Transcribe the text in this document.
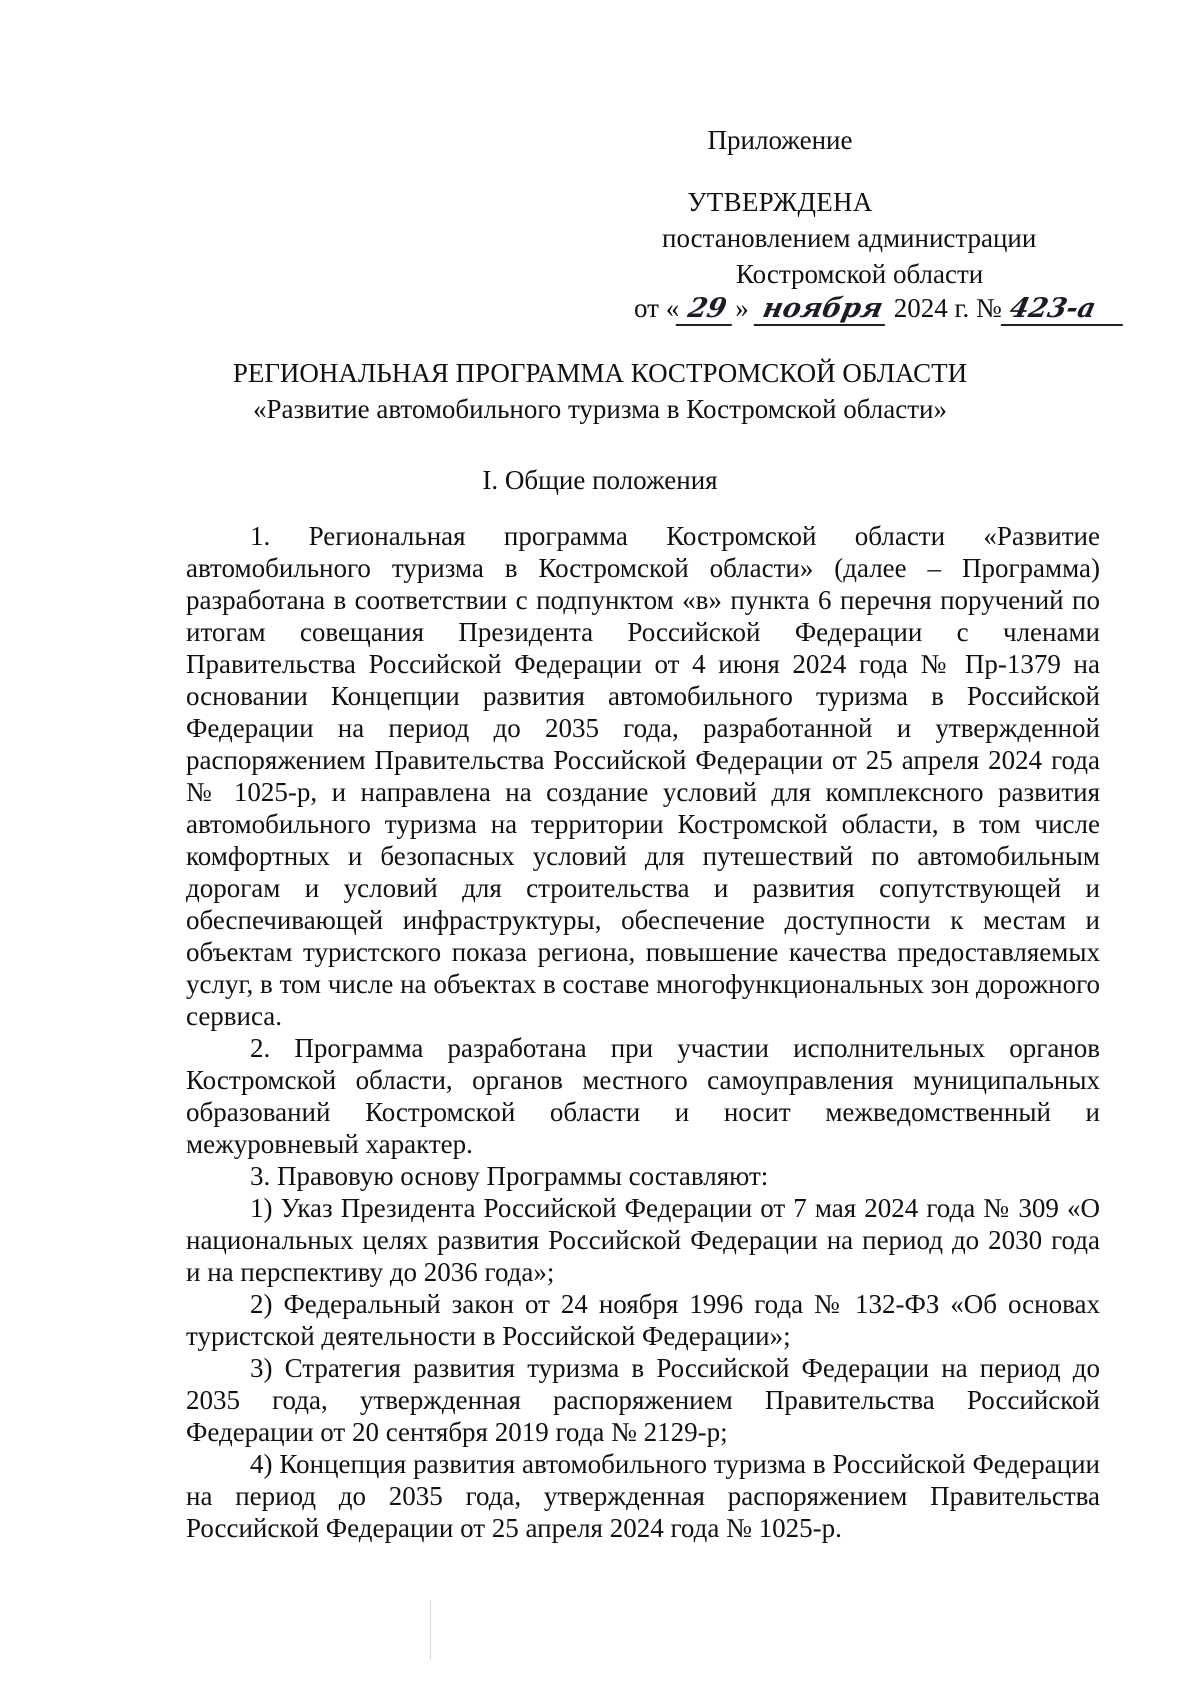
Приложение
УТВЕРЖДЕНА
постановлением администрации
Костромской области
от « 29 » ноября 2024 г. № 423-а
РЕГИОНАЛЬНАЯ ПРОГРАММА КОСТРОМСКОЙ ОБЛАСТИ
«Развитие автомобильного туризма в Костромской области»
I. Общие положения

1. Региональная программа Костромской области «Развитие автомобильного туризма в Костромской области» (далее – Программа) разработана в соответствии с подпунктом «в» пункта 6 перечня поручений по итогам совещания Президента Российской Федерации с членами Правительства Российской Федерации от 4 июня 2024 года № Пр-1379 на основании Концепции развития автомобильного туризма в Российской Федерации на период до 2035 года, разработанной и утвержденной распоряжением Правительства Российской Федерации от 25 апреля 2024 года № 1025-р, и направлена на создание условий для комплексного развития автомобильного туризма на территории Костромской области, в том числе комфортных и безопасных условий для путешествий по автомобильным дорогам и условий для строительства и развития сопутствующей и обеспечивающей инфраструктуры, обеспечение доступности к местам и объектам туристского показа региона, повышение качества предоставляемых услуг, в том числе на объектах в составе многофункциональных зон дорожного сервиса.

2. Программа разработана при участии исполнительных органов Костромской области, органов местного самоуправления муниципальных образований Костромской области и носит межведомственный и межуровневый характер.

3. Правовую основу Программы составляют:

1) Указ Президента Российской Федерации от 7 мая 2024 года № 309 «О национальных целях развития Российской Федерации на период до 2030 года и на перспективу до 2036 года»;

2) Федеральный закон от 24 ноября 1996 года № 132-ФЗ «Об основах туристской деятельности в Российской Федерации»;

3) Стратегия развития туризма в Российской Федерации на период до 2035 года, утвержденная распоряжением Правительства Российской Федерации от 20 сентября 2019 года № 2129-р;

4) Концепция развития автомобильного туризма в Российской Федерации на период до 2035 года, утвержденная распоряжением Правительства Российской Федерации от 25 апреля 2024 года № 1025-р.
